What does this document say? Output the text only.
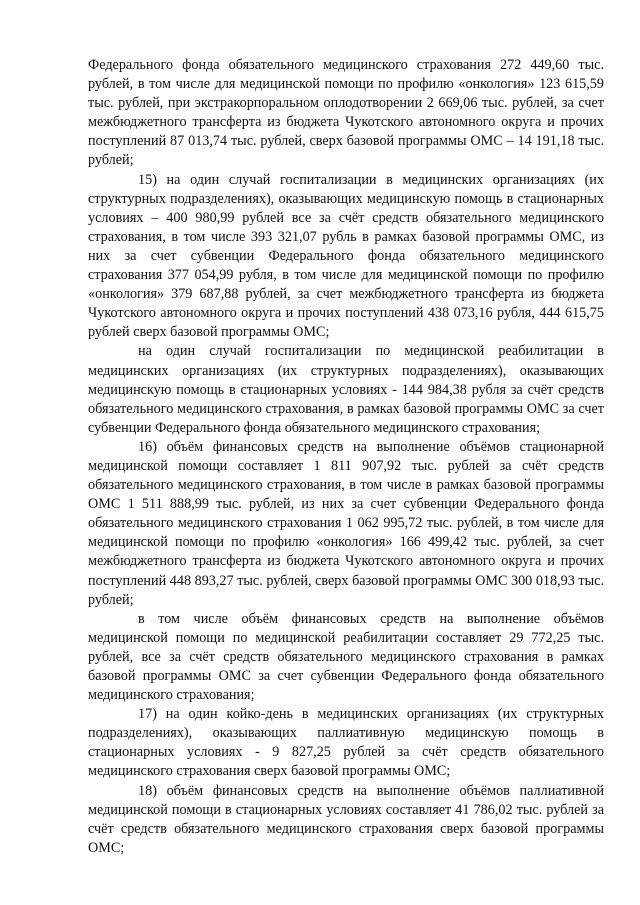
Федерального фонда обязательного медицинского страхования 272 449,60 тыс. рублей, в том числе для медицинской помощи по профилю «онкология» 123 615,59 тыс. рублей, при экстракорпоральном оплодотворении 2 669,06 тыс. рублей, за счет межбюджетного трансферта из бюджета Чукотского автономного округа и прочих поступлений 87 013,74 тыс. рублей, сверх базовой программы ОМС – 14 191,18 тыс. рублей;

15) на один случай госпитализации в медицинских организациях (их структурных подразделениях), оказывающих медицинскую помощь в стационарных условиях – 400 980,99 рублей все за счёт средств обязательного медицинского страхования, в том числе 393 321,07 рубль в рамках базовой программы ОМС, из них за счет субвенции Федерального фонда обязательного медицинского страхования 377 054,99 рубля, в том числе для медицинской помощи по профилю «онкология» 379 687,88 рублей, за счет межбюджетного трансферта из бюджета Чукотского автономного округа и прочих поступлений 438 073,16 рубля, 444 615,75 рублей сверх базовой программы ОМС;

на один случай госпитализации по медицинской реабилитации в медицинских организациях (их структурных подразделениях), оказывающих медицинскую помощь в стационарных условиях - 144 984,38 рубля за счёт средств обязательного медицинского страхования, в рамках базовой программы ОМС за счет субвенции Федерального фонда обязательного медицинского страхования;

16) объём финансовых средств на выполнение объёмов стационарной медицинской помощи составляет 1 811 907,92 тыс. рублей за счёт средств обязательного медицинского страхования, в том числе в рамках базовой программы ОМС 1 511 888,99 тыс. рублей, из них за счет субвенции Федерального фонда обязательного медицинского страхования 1 062 995,72 тыс. рублей, в том числе для медицинской помощи по профилю «онкология» 166 499,42 тыс. рублей, за счет межбюджетного трансферта из бюджета Чукотского автономного округа и прочих поступлений 448 893,27 тыс. рублей, сверх базовой программы ОМС 300 018,93 тыс. рублей;

в том числе объём финансовых средств на выполнение объёмов медицинской помощи по медицинской реабилитации составляет 29 772,25 тыс. рублей, все за счёт средств обязательного медицинского страхования в рамках базовой программы ОМС за счет субвенции Федерального фонда обязательного медицинского страхования;

17) на один койко-день в медицинских организациях (их структурных подразделениях), оказывающих паллиативную медицинскую помощь в стационарных условиях - 9 827,25 рублей за счёт средств обязательного медицинского страхования сверх базовой программы ОМС;

18) объём финансовых средств на выполнение объёмов паллиативной медицинской помощи в стационарных условиях составляет 41 786,02 тыс. рублей за счёт средств обязательного медицинского страхования сверх базовой программы ОМС;
